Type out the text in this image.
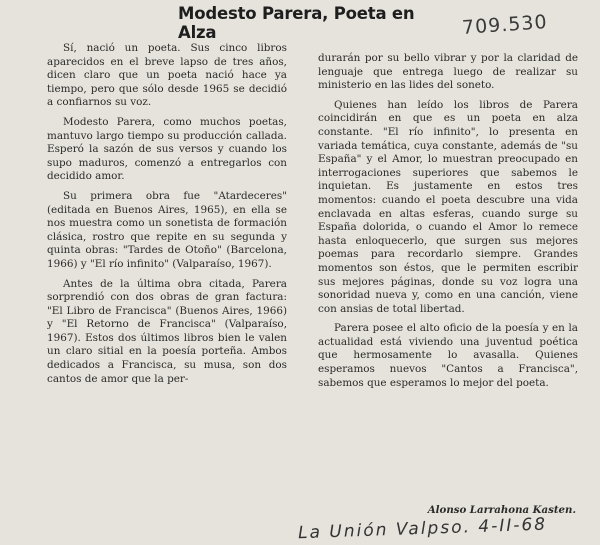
Modesto Parera, Poeta en Alza	709.530

Sí, nació un poeta. Sus cinco libros aparecidos en el breve lapso de tres años, dicen claro que un poeta nació hace ya tiempo, pero que sólo desde 1965 se decidió a confiarnos su voz.

Modesto Parera, como muchos poetas, mantuvo largo tiempo su producción callada. Esperó la sazón de sus versos y cuando los supo maduros, comenzó a entregarlos con decidido amor.

Su primera obra fue "Atardeceres" (editada en Buenos Aires, 1965), en ella se nos muestra como un sonetista de formación clásica, rostro que repite en su segunda y quinta obras: "Tardes de Otoño" (Barcelona, 1966) y "El río infinito" (Valparaíso, 1967).

Antes de la última obra citada, Parera sorprendió con dos obras de gran factura: "El Libro de Francisca" (Buenos Aires, 1966) y "El Retorno de Francisca" (Valparaíso, 1967). Estos dos últimos libros bien le valen un claro sitial en la poesía porteña. Ambos dedicados a Francisca, su musa, son dos cantos de amor que la per-

durarán por su bello vibrar y por la claridad de lenguaje que entrega luego de realizar su ministerio en las lides del soneto.

Quienes han leído los libros de Parera coincidirán en que es un poeta en alza constante. "El río infinito", lo presenta en variada temática, cuya constante, además de "su España" y el Amor, lo muestran preocupado en interrogaciones superiores que sabemos le inquietan. Es justamente en estos tres momentos: cuando el poeta descubre una vida enclavada en altas esferas, cuando surge su España dolorida, o cuando el Amor lo remece hasta enloquecerlo, que surgen sus mejores poemas para recordarlo siempre. Grandes momentos son éstos, que le permiten escribir sus mejores páginas, donde su voz logra una sonoridad nueva y, como en una canción, viene con ansias de total libertad.

Parera posee el alto oficio de la poesía y en la actualidad está viviendo una juventud poética que hermosamente lo avasalla. Quienes esperamos nuevos "Cantos a Francisca", sabemos que esperamos lo mejor del poeta.

Alonso Larrahona Kasten.
La Unión Valpso. 4-II-68
